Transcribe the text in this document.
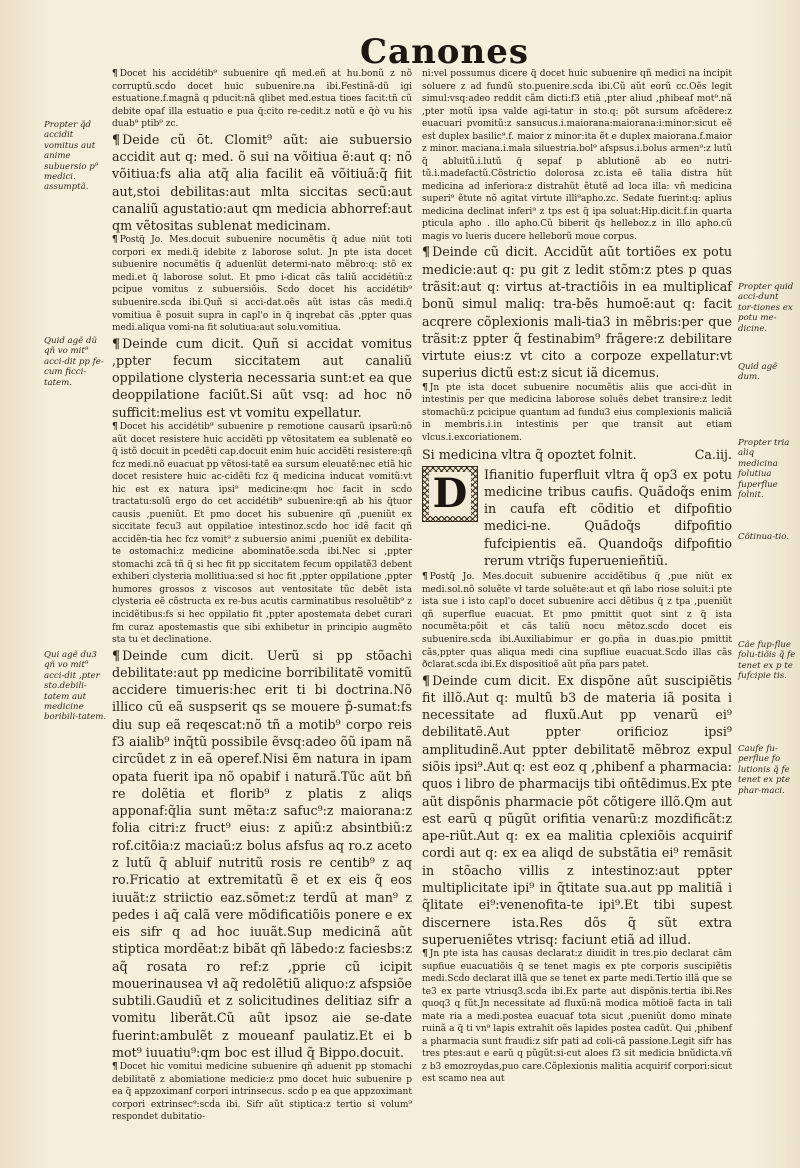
Canones
Propter q̃d accidit vomitus aut anime subuersio p⁹ medici. assumptã.
Quid agẽ dũ qñ vo mit⁹ acci-dit pp fe-cum ficci-tatem.
Qui agẽ du3 qñ vo mit⁹ acci-dit ,pter sto.debili-tatem aut medicine boribili-tatem.
Propter quid acci-dunt tor-tiones ex potu me-dicine.
Quid agẽ dum.
Propter tria aliq medicina folutiua fuperflue folnit.
Cõtinua-tio.
Cãe fup-flue folu-tiõis q̃ fe tenet ex p te fufcipie tis.
Caufe fu-perflue fo lutionis q̃ fe tenet ex pte phar-maci.

¶ Docet his accidétib⁹ subuenire qñ med.eñ at hu.bonũ z nõ corruptũ.scḋo docet huic subuenire.na ibi.Festinã-dũ igi estuatione.f.magnã q pducit:nã qlibet med.estua tioes facit:tñ cũ debite opaf illa estuatio e pua q̃:cito re-cedit.z notũ e q̃ò vu his duab⁹ ptib⁹ zc.

¶ Deide cũ ōt. Clomit⁹ aũt: aie subuersio accidit aut q: med. õ sui na võitiua ẽ:aut q: nõ võitiua:fs alia atq̃ alia facilit eã võitiuã:q̃ fiit aut,stoi debilitas:aut mlta siccitas secũ:aut canaliũ agustatio:aut qm medicia abhorref:aut qm vẽtositas sublenat medicinam.

¶ Postq̃ Jo. Mes.docuit subuenire nocumẽtis q̃ adue niūt toti corpori ex medi.q̃ idebite z laborose solut. Jn pte ista docet subuenire nocumẽtis q̃ aduenlūt determi-nato mẽbro:q: stõ ex medi.et q̃ laborose solut. Et pmo i-dicat cãs taliũ accidétiũ:z pcipue vomitus z subuersiõis. Scḋo docet his accidétib⁹ subuenire.scḋa ibi.Quñ si acci-dat.oẽs aũt istas cãs medi.q̃ vomitiua ẽ posuit supra in capl'o in q̃ inqrebat cãs ,ppter quas medi.aliqua vomi-na fit solutiua:aut solu.vomitiua.

¶ Deinde cum dicit. Quñ si accidat vomitus ,ppter fecum siccitatem aut canaliũ oppilatione clysteria necessaria sunt:et ea que deoppilatione faciũt.Si aũt vsq: ad hoc nõ sufficit:melius est vt vomitu expellatur.

¶ Docet his accidétib⁹ subuenire p remotione causarũ ipsarũ:nõ aũt docet resistere huic accidẽti pp vẽtositatem ea sublenatẽ eo q̃ istõ docuit in pcedẽti cap.docuit enim huic accidẽti resistere:qñ fcz medi.nõ euacuat pp vẽtosi-tatẽ ea sursum eleuatẽ:nec etiã hic docet resistere huic ac-cidẽti fcz q̃ medicina inducat vomitũ:vt hic est ex natura ipsi⁹ medicine:qm hoc facit in scḋo tractatu:solũ ergo do cet accidétib⁹ subuenire:qñ ab his q̃tuor causis ,pueniũt. Et pmo docet his subuenire qñ ,pueniũt ex siccitate fecu3 aut oppilatioe intestinoz.scḋo hoc idẽ facit qñ accidẽn-tia hec fcz vomit⁹ z subuersio animi ,pueniũt ex debilita-te ostomachi:z medicine abominatõe.scḋa ibi.Nec si ,ppter stomachi zcã tñ q̃ si hec fit pp siccitatem fecum oppilatẽ3 debent exhiberi clysteria mollitiua:sed si hoc fit ,ppter oppilatione ,ppter humores grossos z viscosos aut ventositate tũc debẽt ista clysteria eẽ cõstructa ex re-bus acutis carminatibus resoluẽtib⁹ z incidẽtibus:fs si hec oppilatio fit ,ppter apostemata debet curari fm curaz apostemastis que sibi exhibetur in principio augmẽto sta tu et declinatione.

¶ Deinde cum dicit. Uerũ si pp stõachi debilitate:aut pp medicine borribilitatẽ vomitũ accidere timueris:hec erit ti bi doctrina.Nõ illico cũ eã suspserit qs se mouere p̃-sumat:fs diu sup eã reqescat:nõ tñ a motib⁹ corpo reis f3 aialib⁹ inq̃tũ possibile ẽvsq:adeo õũ ipam nã circũdet z in eã operef.Nisi ẽm natura in ipam opata fuerit ipa nõ opabif i naturã.Tũc aũt bñ re dolẽtia et florib⁹ z platis z aliqs apponaf:q̃lia sunt mẽta:z safuc⁹:z maiorana:z folia citri:z fruct⁹ eius: z apiũ:z absintbiũ:z rof.citõia:z maciaũ:z bolus afsfus aq ro.z aceto z lutũ q̃ abluif nutritũ rosis re centib⁹ z aq ro.Fricatio at extremitatũ ẽ et ex eis q̃ eos iuuãt:z striictio eaz.sõmet:z terdũ at man⁹ z pedes i aq̃ calã vere mõdificatiõis ponere e ex eis sifr q ad hoc iuuãt.Sup medicinã aũt stiptica mordẽat:z bibãt qñ lãbedo:z faciesbs:z aq̃ rosata ro ref:z ,pprie cũ icipit mouerinausea vł aq̃ redolẽtiũ aliquo:z afspsiõe subtili.Gaudiũ et z solicitudines delitiaz sifr a vomitu liberãt.Cũ aũt ipsoz aie se-date fuerint:ambulẽt z moueanf paulatiz.Et ei b mot⁹ iuuatiu⁹:qm boc est illud q̃ Bippo.docuit.

¶ Docet hic vomitui medicine subuenire qñ aduenit pp stomachi debilitatẽ z abomiatione medicie:z pmo docet huic subuenire p ea q̃ appzoximanf corpori intrinsecus. scḋo p ea que appzoximant corpori extrinsec⁹:scḋa ibi. Sifr aũt stiptica:z tertio si volum⁹ respondet dubitatio-

ni:vel possumus dicere q̃ docet huic subuenire qñ medici na incipit soluere z ad fundũ sto.puenire.scḋa ibi.Cũ aũt eorũ cc.Oẽs legit simul:vsq:adeo reddit cãm dicti:f3 etiã ,pter aliud ,phibeaf mot⁹.nã ,pter motũ ipsa valde agi-tatur in sto.q: põt sursum afcẽdere:z euacuari pvomitũ:z sansucus.i.maiorana:maiorana:i:minor:sicut eẽ est duplex basilic⁹.f. maior z minor:ita ẽt e duplex maiorana.f.maior z minor. maciana.i.mala siluestria.bol⁹ afspsus.i.bolus armen⁹:z lutũ q̃ abluitũ.i.lutũ q̃ sepaf p ablutionẽ ab eo nutri-tũ.i.madefactũ.Cõstrictio dolorosa zc.ista eẽ talia distra hũt medicina ad inferiora:z distrahũt ẽtutẽ ad loca illa: vñ medicina superi⁹ ẽtute nõ agitat virtute illi⁹apho.zc. Sedate fuerint:q: aplius medicina declinat inferi⁹ z tps est q̃ ipa soluat:Hip.dicit.f.in quarta pticula apho . illo apho.Cũ biberit q̃s helleboz.z in illo apho.cũ magis vo lueris ducere helleborũ moue corpus.

¶ Deinde cũ dicit. Accidũt aũt tortiões ex potu medicie:aut q: pu git z ledit stõm:z ptes p quas trãsit:aut q: virtus at-tractiõis in ea multiplicaf bonũ simul maliq: tra-bẽs humoẽ:aut q: facit acqrere cõplexionis mali-tia3 in mẽbris:per que trãsit:z ppter q̃ festinabim⁹ frãgere:z debilitare virtute eius:z vt cito a corpoze expellatur:vt superius dictũ est:z sicut iã dicemus.

¶ Jn pte ista docet subuenire nocumẽtis aliis que acci-dũt in intestinis per que medicina laborose soluẽs debet transire:z ledit stomachũ:z pcicipue quantum ad fundu3 eius complexionis maliciã in membris.i.in intestinis per que transit aut etiam vlcus.i.excoriationem.

Si medicina vltra q̃ opoztet folnit.	Ca.iij.
D	Ifianitio fuperfluit vltra q̃ op3 ex potu medicine tribus caufis. Quãdoq̃s enim in caufa eft cõditio et difpofitio medici-ne. Quãdoq̃s difpofitio fufcipientis eã. Quandoq̃s difpofitio rerum vtriq̃s fuperuenieñtiũ.

¶ Postq̃ Jo. Mes.docuit subuenire accidẽtibus q̃ ,pue niũt ex medi.sol.nõ soluẽte vł tarde soluẽte:aut et qñ labo riose soluit:i pte ista sue i isto capl'o docet subuenire acci dẽtibus q̃ z tpa ,pueniũt qñ superflue euacuat. Et pmo pmittit quot sint z q̃ ista nocumẽta:põit et cãs taliũ nocu mẽtoz.scḋo docet eis subuenire.scḋa ibi.Auxiliabimur er go.pña in duas.pio pmittit cãs,ppter quas aliqua medi cina supfliue euacuat.Scḋo illas cãs ðclarat.scḋa ibi.Ex dispositioẽ aũt pña pars patet.

¶ Deinde cum dicit. Ex dispõne aũt suscipiẽtis fit illõ.Aut q: multũ b3 de materia iã posita i necessitate ad fluxũ.Aut pp venarũ ei⁹ debilitatẽ.Aut ppter orificioz ipsi⁹ amplitudinẽ.Aut ppter debilitatẽ mẽbroz expul siõis ipsi⁹.Aut q: est eoz q ,phibenf a pharmacia: quos i libro de pharmacijs tibi oñtẽdimus.Ex pte aũt dispõnis pharmacie põt cõtigere illõ.Qm aut est earũ q pũgũt orifitia venarũ:z mozdificãt:z ape-riũt.Aut q: ex ea malitia cplexiõis acquirif cordi aut q: ex ea aliqd de substãtia ei⁹ remãsit in stõacho villis z intestinoz:aut ppter multiplicitate ipi⁹ in q̃titate sua.aut pp malitiã i q̃litate ei⁹:venenofita-te ipi⁹.Et tibi supest discernere ista.Res dõs q̃ sũt extra superueniẽtes vtrisq: faciunt etiã ad illud.

¶ Jn pte ista has causas declarat:z diuidit in tres.pio declarat cãm supfiue euacuatiõis q̃ se tenet magis ex pte corporis suscipiẽtis medi.Scḋo declarat illã que se tenet ex parte medi.Tertio illã que se te3 ex parte vtriusq3.scḋa ibi.Ex parte aut dispõnis.tertia ibi.Res quoq3 q fũt.Jn necessitate ad fluxũ:nã modica mõtioẽ facta in tali mate ria a medi.postea euacuaf tota sicut ,pueniũt domo minate ruinã a q̃ ti vn⁹ lapis extrahit oẽs lapides postea cadũt. Qui ,phibenf a pharmacia sunt fraudi:z sifr pati ad coli-cã passione.Legit sifr has tres ptes:aut e earũ q pũgũt:si-cut aloes f3 sit medicia bnũdicta.vñ z b3 emozroydas,puo care.Cõplexionis malitia acquirif corpori:sicut est scamo nea aut
